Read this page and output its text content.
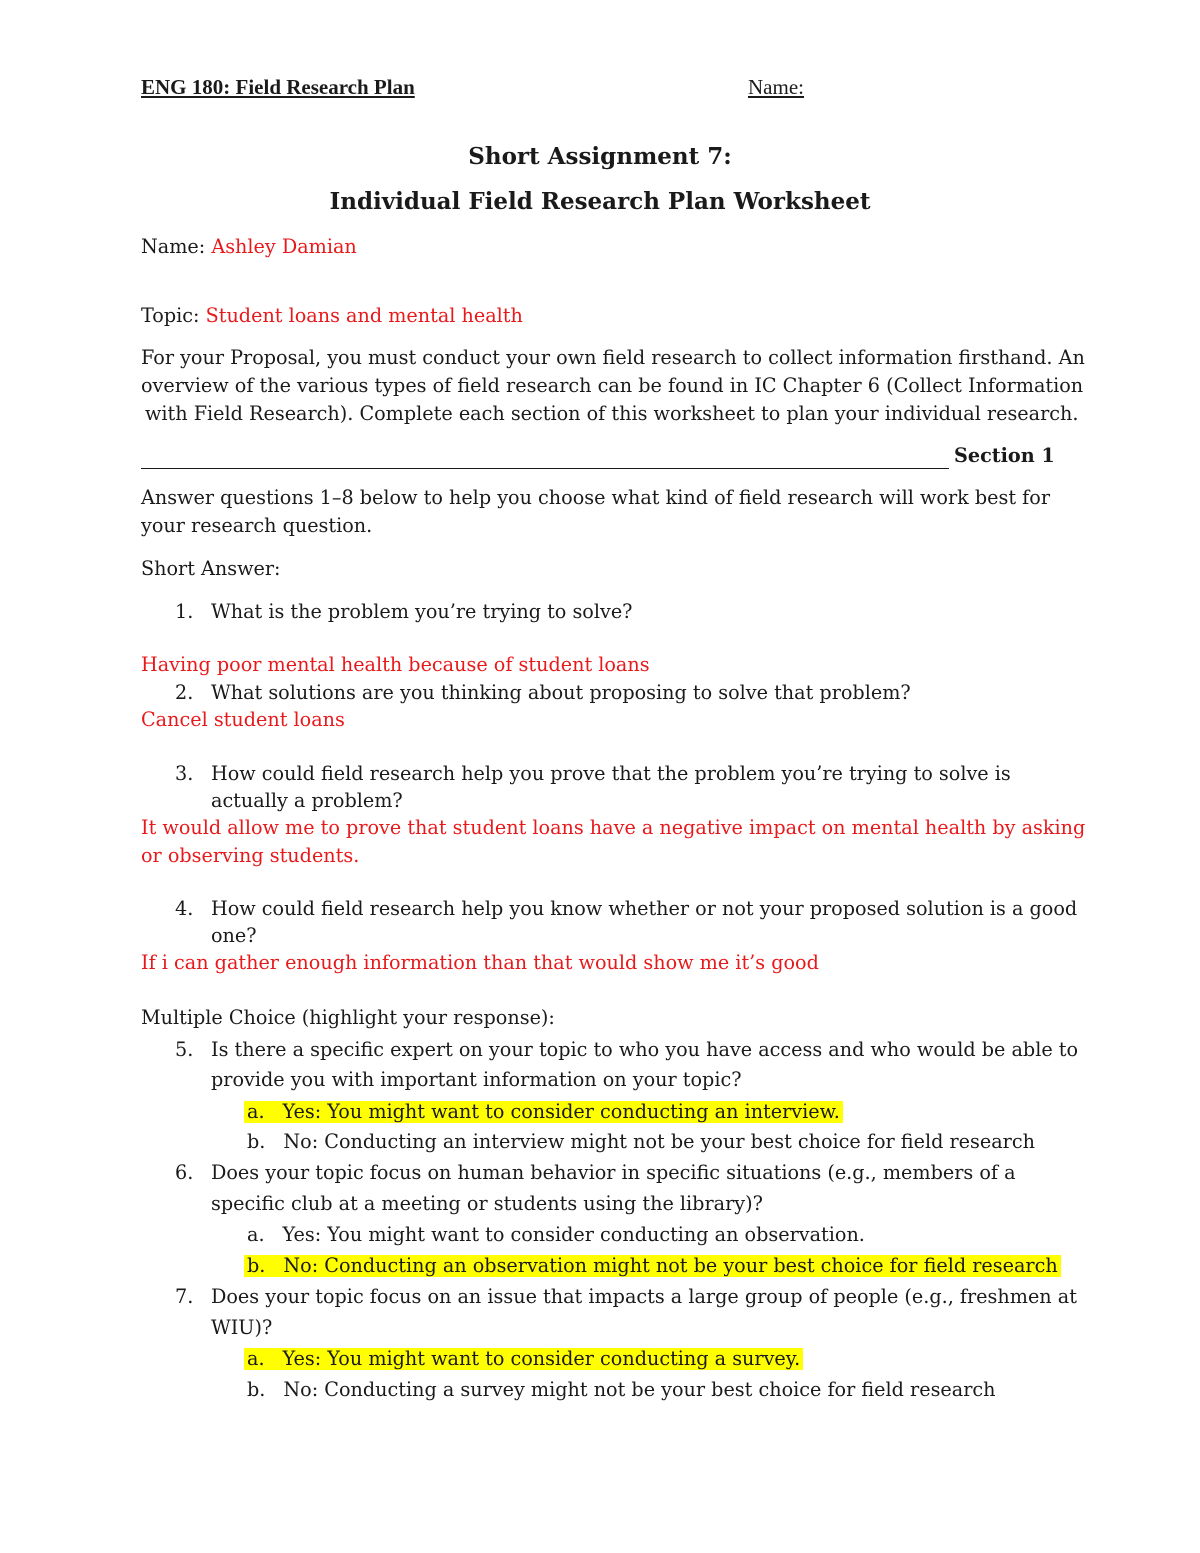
ENG 180: Field Research Plan	Name:
Short Assignment 7:
Individual Field Research Plan Worksheet
Name: Ashley Damian
Topic: Student loans and mental health
For your Proposal, you must conduct your own field research to collect information firsthand. An
overview of the various types of field research can be found in IC Chapter 6 (Collect Information
with Field Research). Complete each section of this worksheet to plan your individual research.
Section 1
Answer questions 1–8 below to help you choose what kind of field research will work best for
your research question.
Short Answer:
1. What is the problem you’re trying to solve?
Having poor mental health because of student loans
2. What solutions are you thinking about proposing to solve that problem?
Cancel student loans
3. How could field research help you prove that the problem you’re trying to solve is
actually a problem?
It would allow me to prove that student loans have a negative impact on mental health by asking
or observing students.
4. How could field research help you know whether or not your proposed solution is a good
one?
If i can gather enough information than that would show me it’s good
Multiple Choice (highlight your response):
5. Is there a specific expert on your topic to who you have access and who would be able to
provide you with important information on your topic?
a. Yes: You might want to consider conducting an interview.
b. No: Conducting an interview might not be your best choice for field research
6. Does your topic focus on human behavior in specific situations (e.g., members of a
specific club at a meeting or students using the library)?
a. Yes: You might want to consider conducting an observation.
b. No: Conducting an observation might not be your best choice for field research
7. Does your topic focus on an issue that impacts a large group of people (e.g., freshmen at
WIU)?
a. Yes: You might want to consider conducting a survey.
b. No: Conducting a survey might not be your best choice for field research
